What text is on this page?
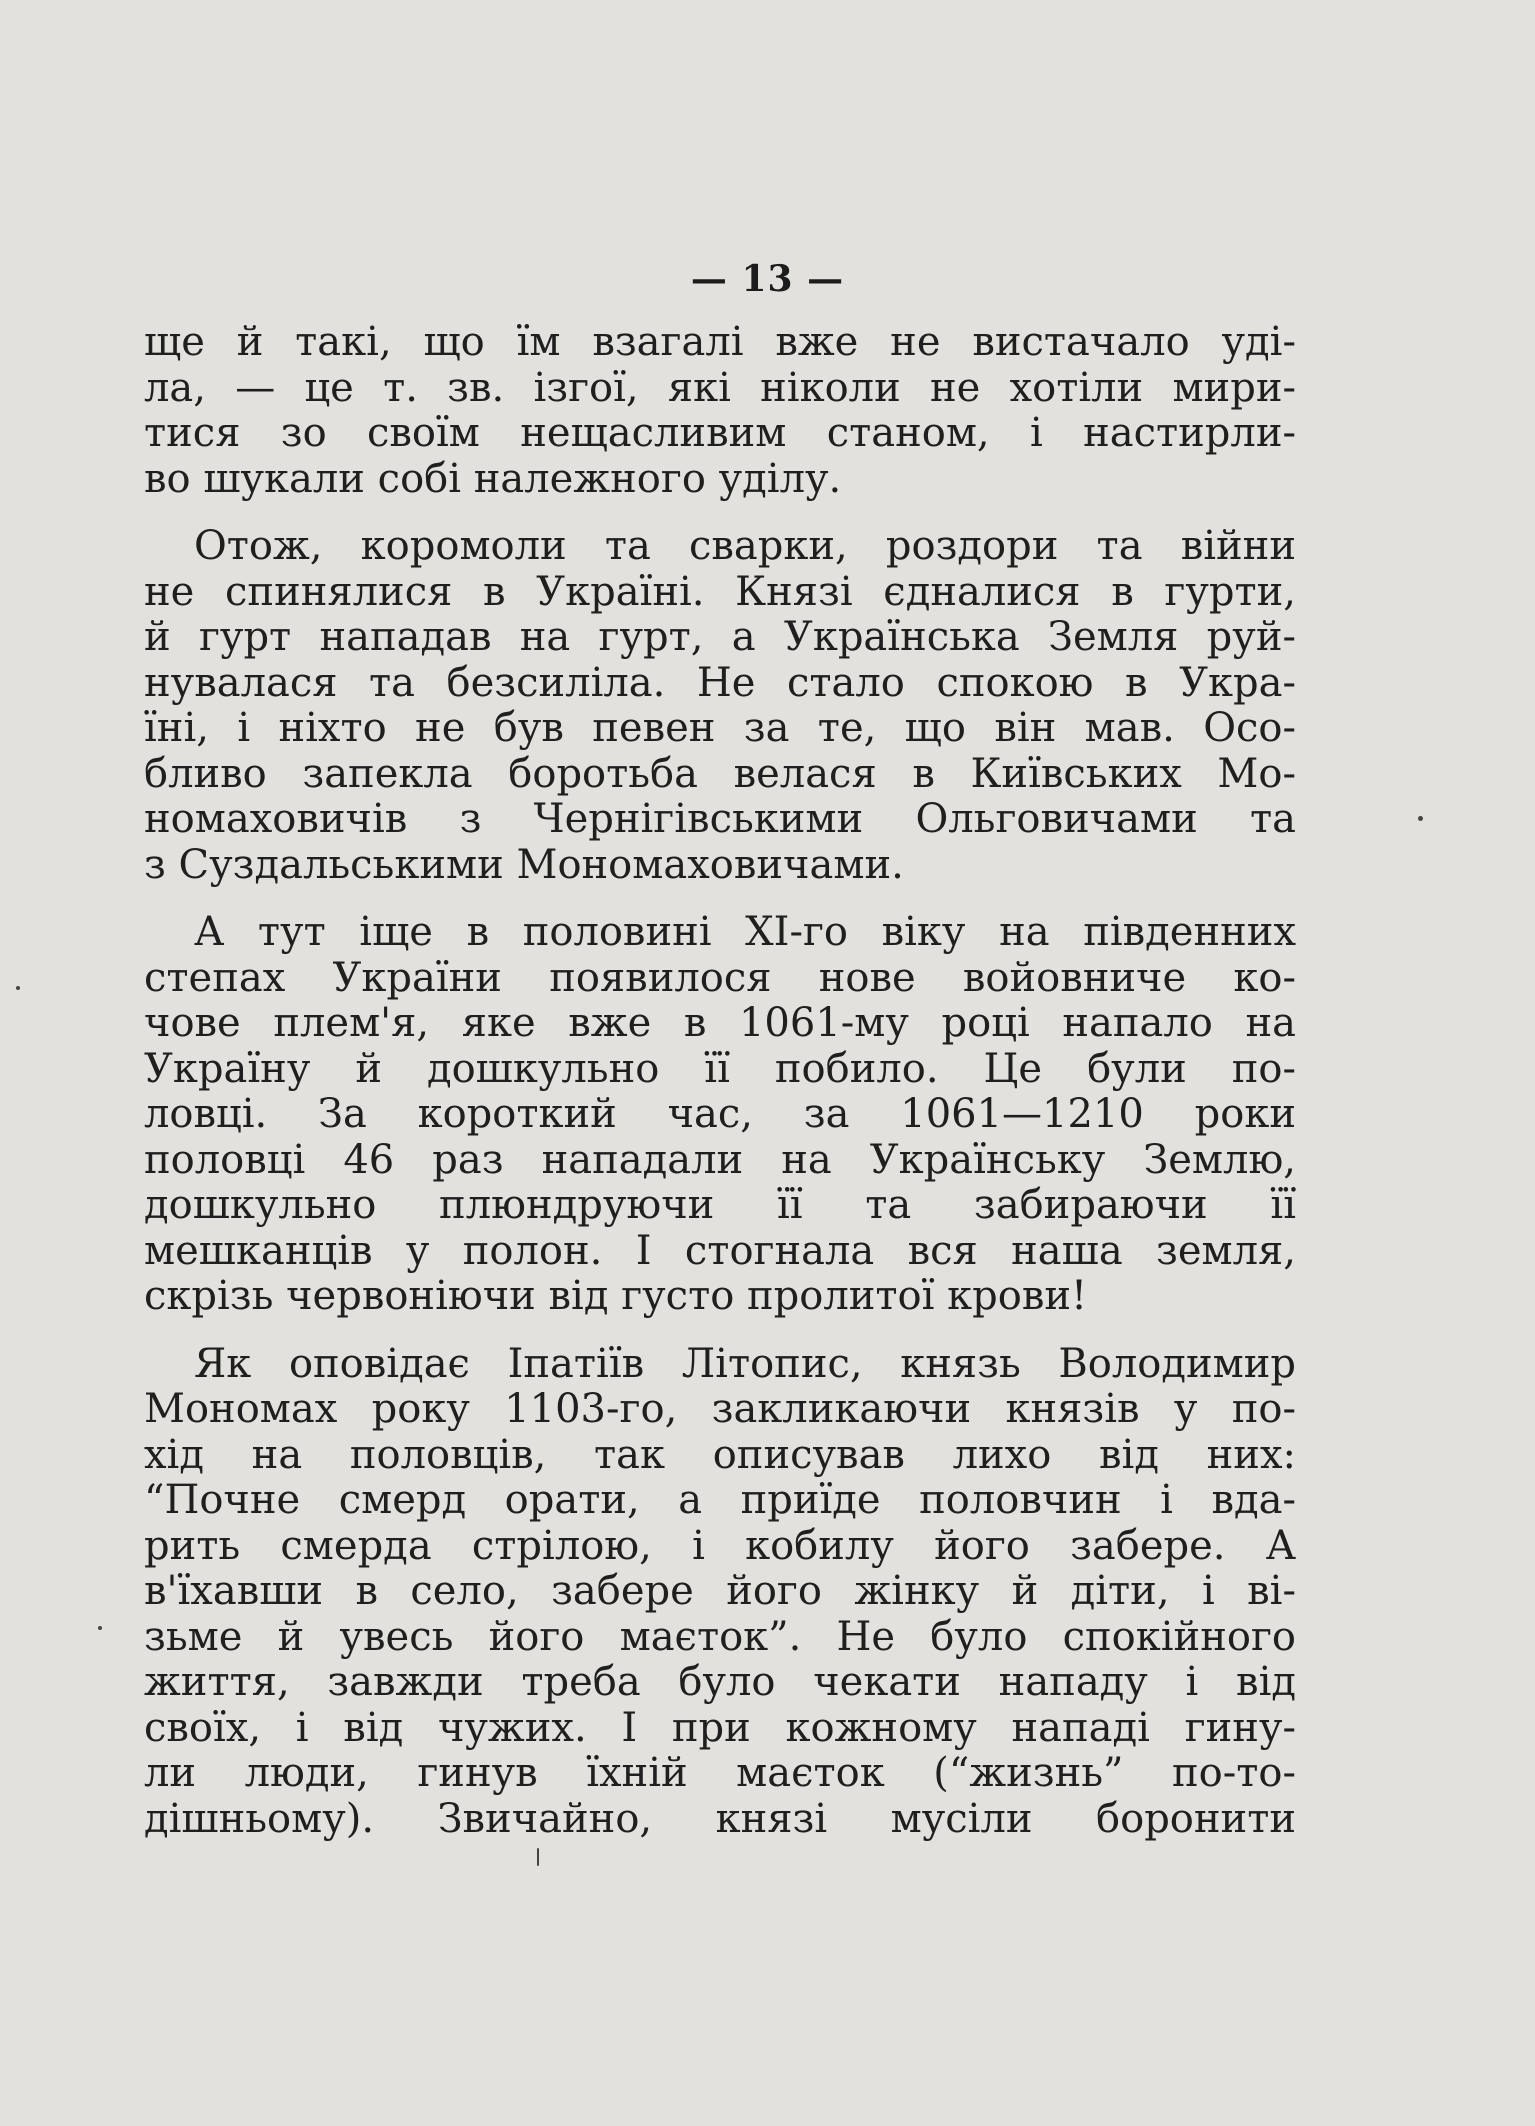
— 13 —
ще й такі, що їм взагалі вже не вистачало уді-
ла, — це т. зв. ізгої, які ніколи не хотіли мири-
тися зо своїм нещасливим станом, і настирли-
во шукали собі належного уділу.
Отож, коромоли та сварки, роздори та війни
не спинялися в Україні. Князі єдналися в гурти,
й гурт нападав на гурт, а Українська Земля руй-
нувалася та безсиліла. Не стало спокою в Укра-
їні, і ніхто не був певен за те, що він мав. Осо-
бливо запекла боротьба велася в Київських Мо-
номаховичів з Чернігівськими Ольговичами та
з Суздальськими Мономаховичами.
А тут іще в половині ХІ-го віку на південних
степах України появилося нове войовниче ко-
чове плем'я, яке вже в 1061-му році напало на
Україну й дошкульно її побило. Це були по-
ловці. За короткий час, за 1061—1210 роки
половці 46 раз нападали на Українську Землю,
дошкульно плюндруючи її та забираючи її
мешканців у полон. І стогнала вся наша земля,
скрізь червоніючи від густо пролитої крови!
Як оповідає Іпатіїв Літопис, князь Володимир
Мономах року 1103-го, закликаючи князів у по-
хід на половців, так описував лихо від них:
“Почне смерд орати, а приїде половчин і вда-
рить смерда стрілою, і кобилу його забере. А
в'їхавши в село, забере його жінку й діти, і ві-
зьме й увесь його маєток”. Не було спокійного
життя, завжди треба було чекати нападу і від
своїх, і від чужих. І при кожному нападі гину-
ли люди, гинув їхній маєток (“жизнь” по-то-
дішньому). Звичайно, князі мусіли боронити
